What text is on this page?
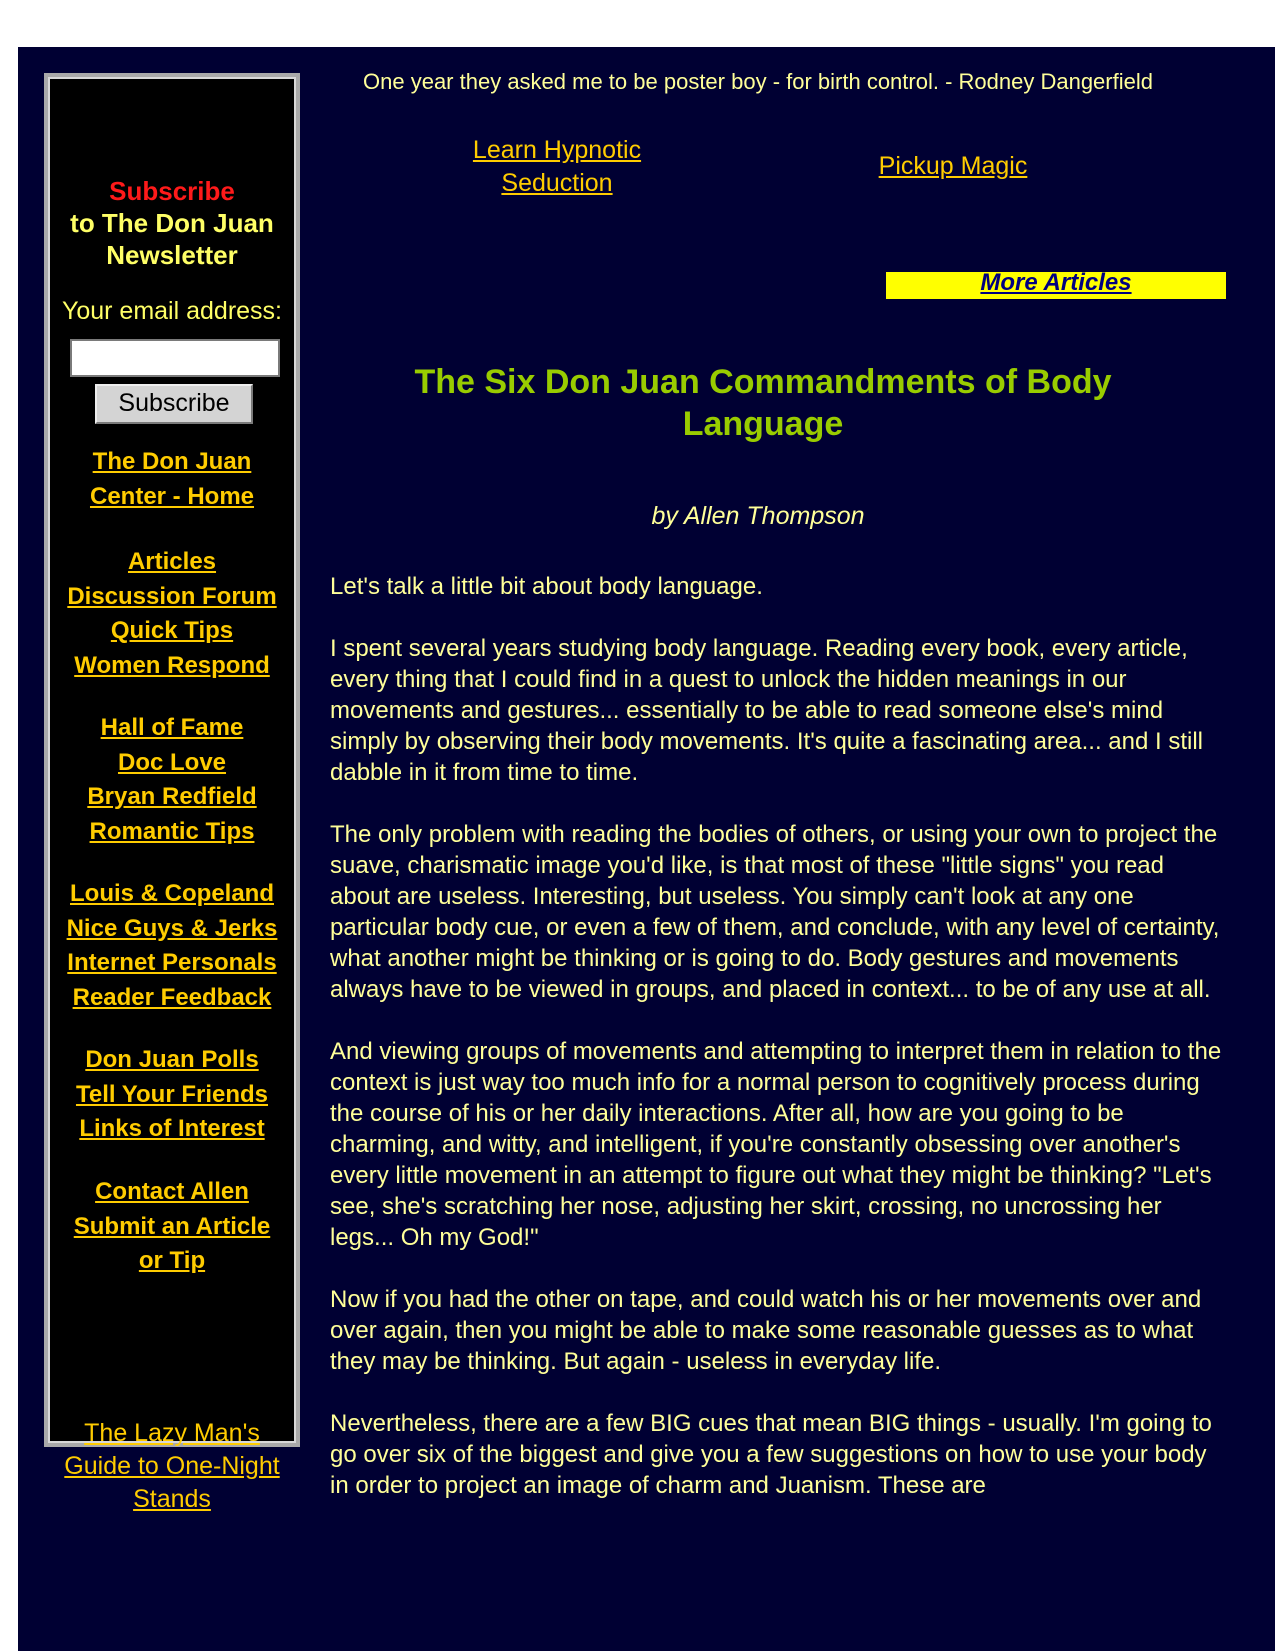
Subscribe
to The Don Juan
Newsletter
Your email address:
Subscribe
The Don Juan
Center - Home
Articles
Discussion Forum
Quick Tips
Women Respond
Hall of Fame
Doc Love
Bryan Redfield
Romantic Tips
Louis & Copeland
Nice Guys & Jerks
Internet Personals
Reader Feedback
Don Juan Polls
Tell Your Friends
Links of Interest
Contact Allen
Submit an Article
or Tip
The Lazy Man's
Guide to One-Night
Stands
One year they asked me to be poster boy - for birth control. - Rodney Dangerfield
Learn Hypnotic
Seduction
Pickup Magic
More Articles
The Six Don Juan Commandments of Body Language
by Allen Thompson

Let's talk a little bit about body language.

I spent several years studying body language. Reading every book, every article, every thing that I could find in a quest to unlock the hidden meanings in our movements and gestures... essentially to be able to read someone else's mind simply by observing their body movements. It's quite a fascinating area... and I still dabble in it from time to time.

The only problem with reading the bodies of others, or using your own to project the suave, charismatic image you'd like, is that most of these "little signs" you read about are useless. Interesting, but useless. You simply can't look at any one particular body cue, or even a few of them, and conclude, with any level of certainty, what another might be thinking or is going to do. Body gestures and movements always have to be viewed in groups, and placed in context... to be of any use at all.

And viewing groups of movements and attempting to interpret them in relation to the context is just way too much info for a normal person to cognitively process during the course of his or her daily interactions. After all, how are you going to be charming, and witty, and intelligent, if you're constantly obsessing over another's every little movement in an attempt to figure out what they might be thinking? "Let's see, she's scratching her nose, adjusting her skirt, crossing, no uncrossing her legs... Oh my God!"

Now if you had the other on tape, and could watch his or her movements over and over again, then you might be able to make some reasonable guesses as to what they may be thinking. But again - useless in everyday life.

Nevertheless, there are a few BIG cues that mean BIG things - usually. I'm going to go over six of the biggest and give you a few suggestions on how to use your body in order to project an image of charm and Juanism. These are
